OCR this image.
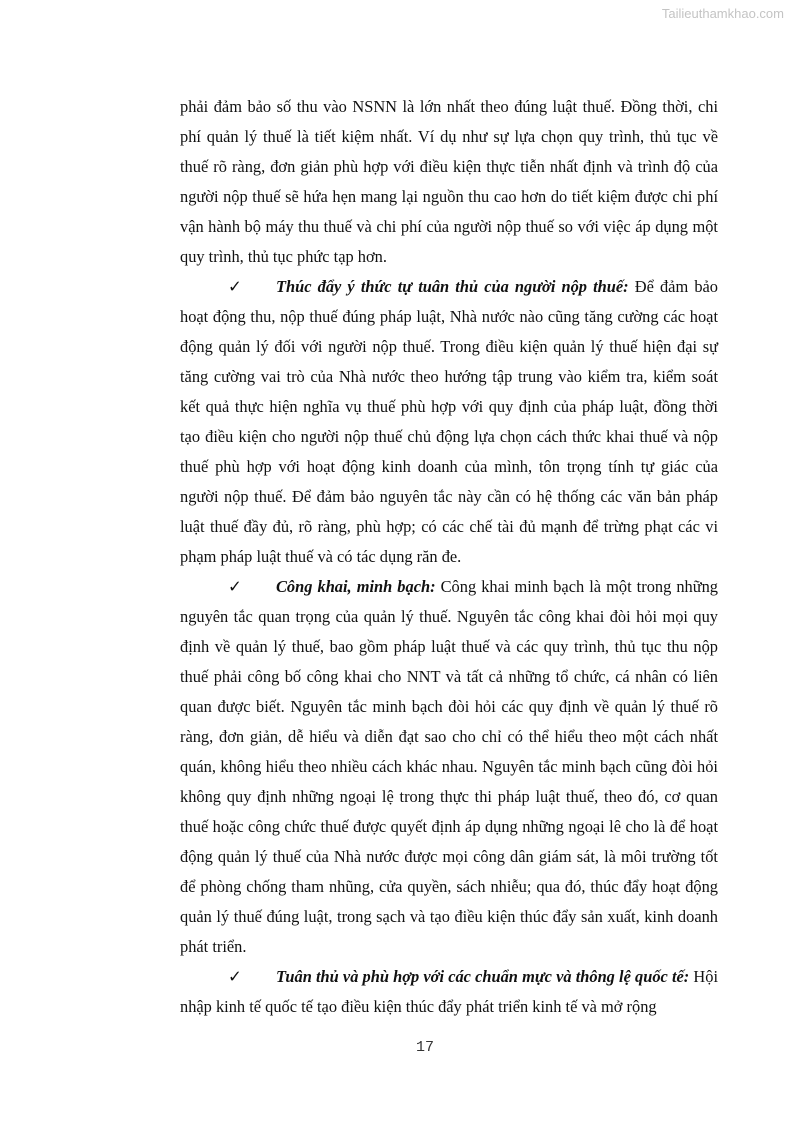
Tailieuthamkhao.com

phải đảm bảo số thu vào NSNN là lớn nhất theo đúng luật thuế. Đồng thời, chi phí quản lý thuế là tiết kiệm nhất. Ví dụ như sự lựa chọn quy trình, thủ tục về thuế rõ ràng, đơn giản phù hợp với điều kiện thực tiễn nhất định và trình độ của người nộp thuế sẽ hứa hẹn mang lại nguồn thu cao hơn do tiết kiệm được chi phí vận hành bộ máy thu thuế và chi phí của người nộp thuế so với việc áp dụng một quy trình, thủ tục phức tạp hơn.

✓ Thúc đẩy ý thức tự tuân thủ của người nộp thuế: Để đảm bảo hoạt động thu, nộp thuế đúng pháp luật, Nhà nước nào cũng tăng cường các hoạt động quản lý đối với người nộp thuế. Trong điều kiện quản lý thuế hiện đại sự tăng cường vai trò của Nhà nước theo hướng tập trung vào kiểm tra, kiểm soát kết quả thực hiện nghĩa vụ thuế phù hợp với quy định của pháp luật, đồng thời tạo điều kiện cho người nộp thuế chủ động lựa chọn cách thức khai thuế và nộp thuế phù hợp với hoạt động kinh doanh của mình, tôn trọng tính tự giác của người nộp thuế. Để đảm bảo nguyên tắc này cần có hệ thống các văn bản pháp luật thuế đầy đủ, rõ ràng, phù hợp; có các chế tài đủ mạnh để trừng phạt các vi phạm pháp luật thuế và có tác dụng răn đe.

✓ Công khai, minh bạch: Công khai minh bạch là một trong những nguyên tắc quan trọng của quản lý thuế. Nguyên tắc công khai đòi hỏi mọi quy định về quản lý thuế, bao gồm pháp luật thuế và các quy trình, thủ tục thu nộp thuế phải công bố công khai cho NNT và tất cả những tổ chức, cá nhân có liên quan được biết. Nguyên tắc minh bạch đòi hỏi các quy định về quản lý thuế rõ ràng, đơn giản, dễ hiểu và diễn đạt sao cho chỉ có thể hiểu theo một cách nhất quán, không hiểu theo nhiều cách khác nhau. Nguyên tắc minh bạch cũng đòi hỏi không quy định những ngoại lệ trong thực thi pháp luật thuế, theo đó, cơ quan thuế hoặc công chức thuế được quyết định áp dụng những ngoại lê cho là để hoạt động quản lý thuế của Nhà nước được mọi công dân giám sát, là môi trường tốt để phòng chống tham nhũng, cửa quyền, sách nhiễu; qua đó, thúc đẩy hoạt động quản lý thuế đúng luật, trong sạch và tạo điều kiện thúc đẩy sản xuất, kinh doanh phát triển.

✓ Tuân thủ và phù hợp với các chuẩn mực và thông lệ quốc tế: Hội nhập kinh tế quốc tế tạo điều kiện thúc đẩy phát triển kinh tế và mở rộng

17
